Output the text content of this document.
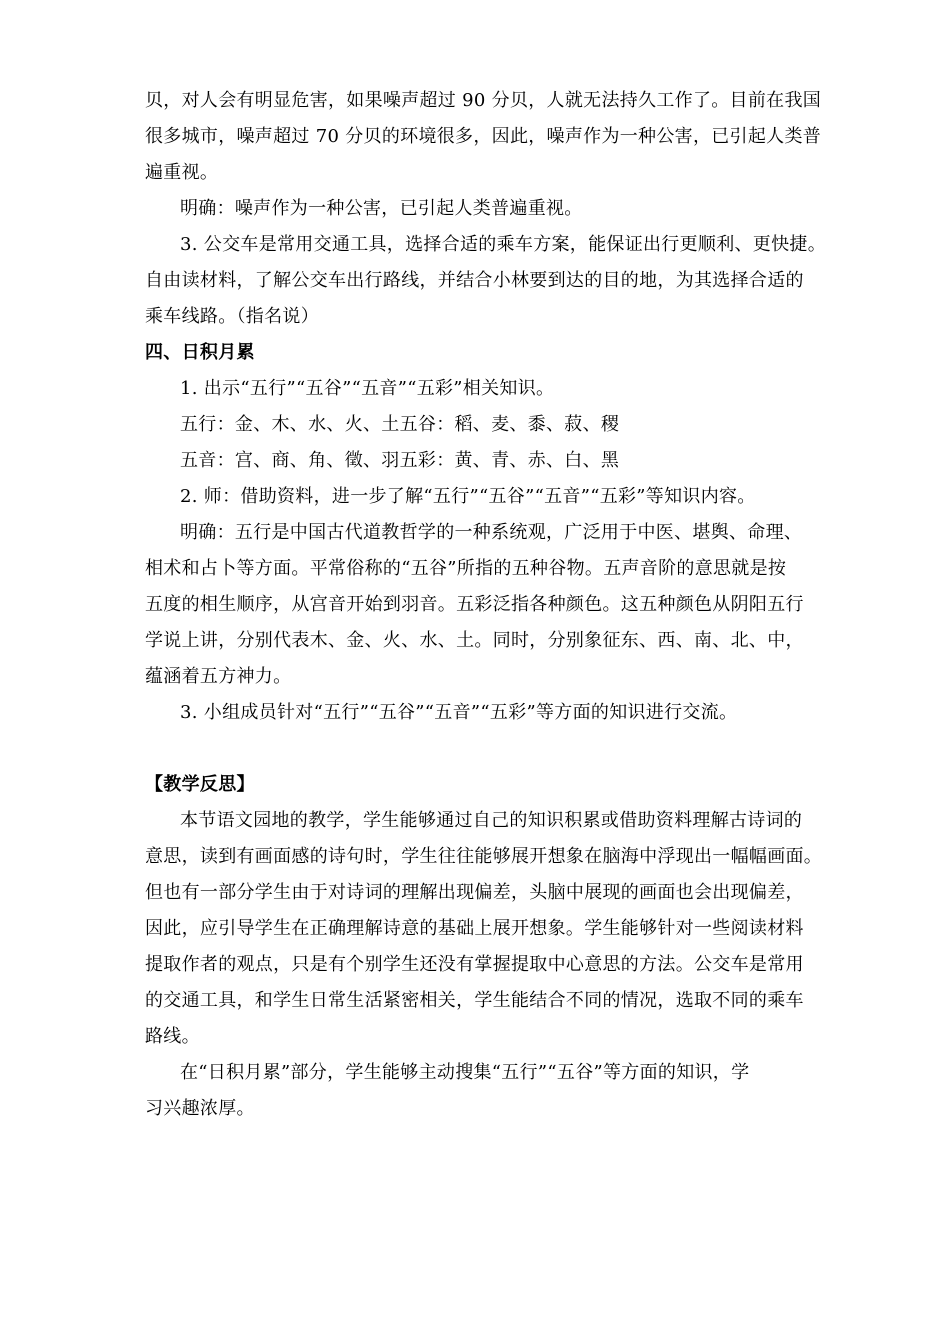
贝，对人会有明显危害，如果噪声超过 90 分贝，人就无法持久工作了。目前在我国
很多城市，噪声超过 70 分贝的环境很多，因此，噪声作为一种公害，已引起人类普
遍重视。
明确：噪声作为一种公害，已引起人类普遍重视。
3. 公交车是常用交通工具，选择合适的乘车方案，能保证出行更顺利、更快捷。
自由读材料，了解公交车出行路线，并结合小林要到达的目的地，为其选择合适的
乘车线路。（指名说）
四、日积月累
1. 出示“五行”“五谷”“五音”“五彩”相关知识。
五行：金、木、水、火、土五谷：稻、麦、黍、菽、稷
五音：宫、商、角、徵、羽五彩：黄、青、赤、白、黑
2. 师：借助资料，进一步了解“五行”“五谷”“五音”“五彩”等知识内容。
明确：五行是中国古代道教哲学的一种系统观，广泛用于中医、堪舆、命理、
相术和占卜等方面。平常俗称的“五谷”所指的五种谷物。五声音阶的意思就是按
五度的相生顺序，从宫音开始到羽音。五彩泛指各种颜色。这五种颜色从阴阳五行
学说上讲，分别代表木、金、火、水、土。同时，分别象征东、西、南、北、中，
蕴涵着五方神力。
3. 小组成员针对“五行”“五谷”“五音”“五彩”等方面的知识进行交流。
【教学反思】
本节语文园地的教学，学生能够通过自己的知识积累或借助资料理解古诗词的
意思，读到有画面感的诗句时，学生往往能够展开想象在脑海中浮现出一幅幅画面。
但也有一部分学生由于对诗词的理解出现偏差，头脑中展现的画面也会出现偏差，
因此，应引导学生在正确理解诗意的基础上展开想象。学生能够针对一些阅读材料
提取作者的观点，只是有个别学生还没有掌握提取中心意思的方法。公交车是常用
的交通工具，和学生日常生活紧密相关，学生能结合不同的情况，选取不同的乘车
路线。
在“日积月累”部分，学生能够主动搜集“五行”“五谷”等方面的知识，学
习兴趣浓厚。
